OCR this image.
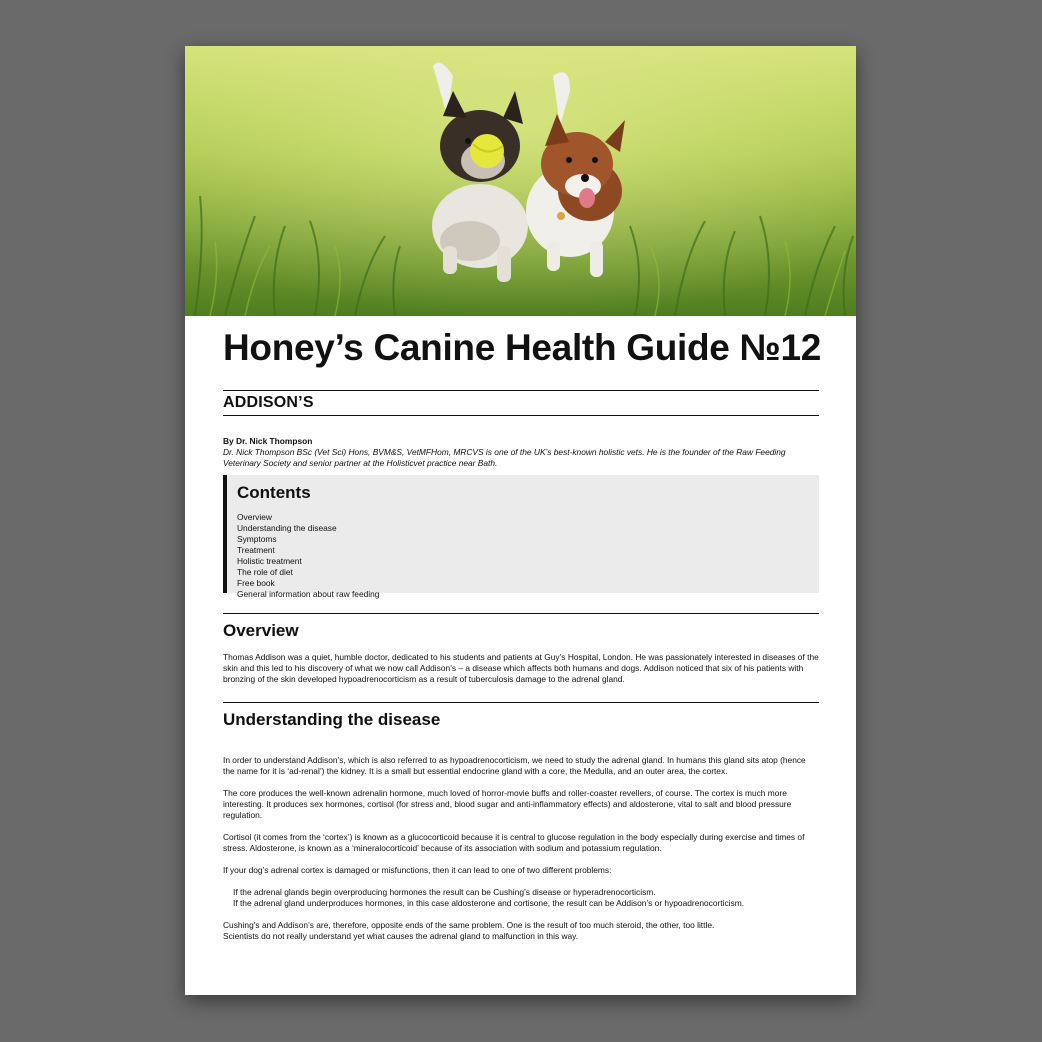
Honey’s Canine Health Guide №12
ADDISON’S
By Dr. Nick Thompson
Dr. Nick Thompson BSc (Vet Sci) Hons, BVM&S, VetMFHom, MRCVS is one of the UK’s best-known holistic vets. He is the founder of the Raw Feeding Veterinary Society and senior partner at the Holisticvet practice near Bath.
Contents
Overview
Understanding the disease
Symptoms
Treatment
Holistic treatment
The role of diet
Free book
General information about raw feeding
Overview

Thomas Addison was a quiet, humble doctor, dedicated to his students and patients at Guy’s Hospital, London. He was passionately interested in diseases of the skin and this led to his discovery of what we now call Addison’s – a disease which affects both humans and dogs. Addison noticed that six of his patients with bronzing of the skin developed hypoadrenocorticism as a result of tuberculosis damage to the adrenal gland.

Understanding the disease

In order to understand Addison’s, which is also referred to as hypoadrenocorticism, we need to study the adrenal gland. In humans this gland sits atop (hence the name for it is ‘ad-renal’) the kidney. It is a small but essential endocrine gland with a core, the Medulla, and an outer area, the cortex.

The core produces the well-known adrenalin hormone, much loved of horror-movie buffs and roller-coaster revellers, of course. The cortex is much more interesting. It produces sex hormones, cortisol (for stress and, blood sugar and anti-inflammatory effects) and aldosterone, vital to salt and blood pressure regulation.

Cortisol (it comes from the ‘cortex’) is known as a glucocorticoid because it is central to glucose regulation in the body especially during exercise and times of stress. Aldosterone, is known as a ‘mineralocorticoid’ because of its association with sodium and potassium regulation.

If your dog’s adrenal cortex is damaged or misfunctions, then it can lead to one of two different problems:

If the adrenal glands begin overproducing hormones the result can be Cushing’s disease or hyperadrenocorticism.
If the adrenal gland underproduces hormones, in this case aldosterone and cortisone, the result can be Addison’s or hypoadrenocorticism.

Cushing’s and Addison’s are, therefore, opposite ends of the same problem. One is the result of too much steroid, the other, too little.

Scientists do not really understand yet what causes the adrenal gland to malfunction in this way.
